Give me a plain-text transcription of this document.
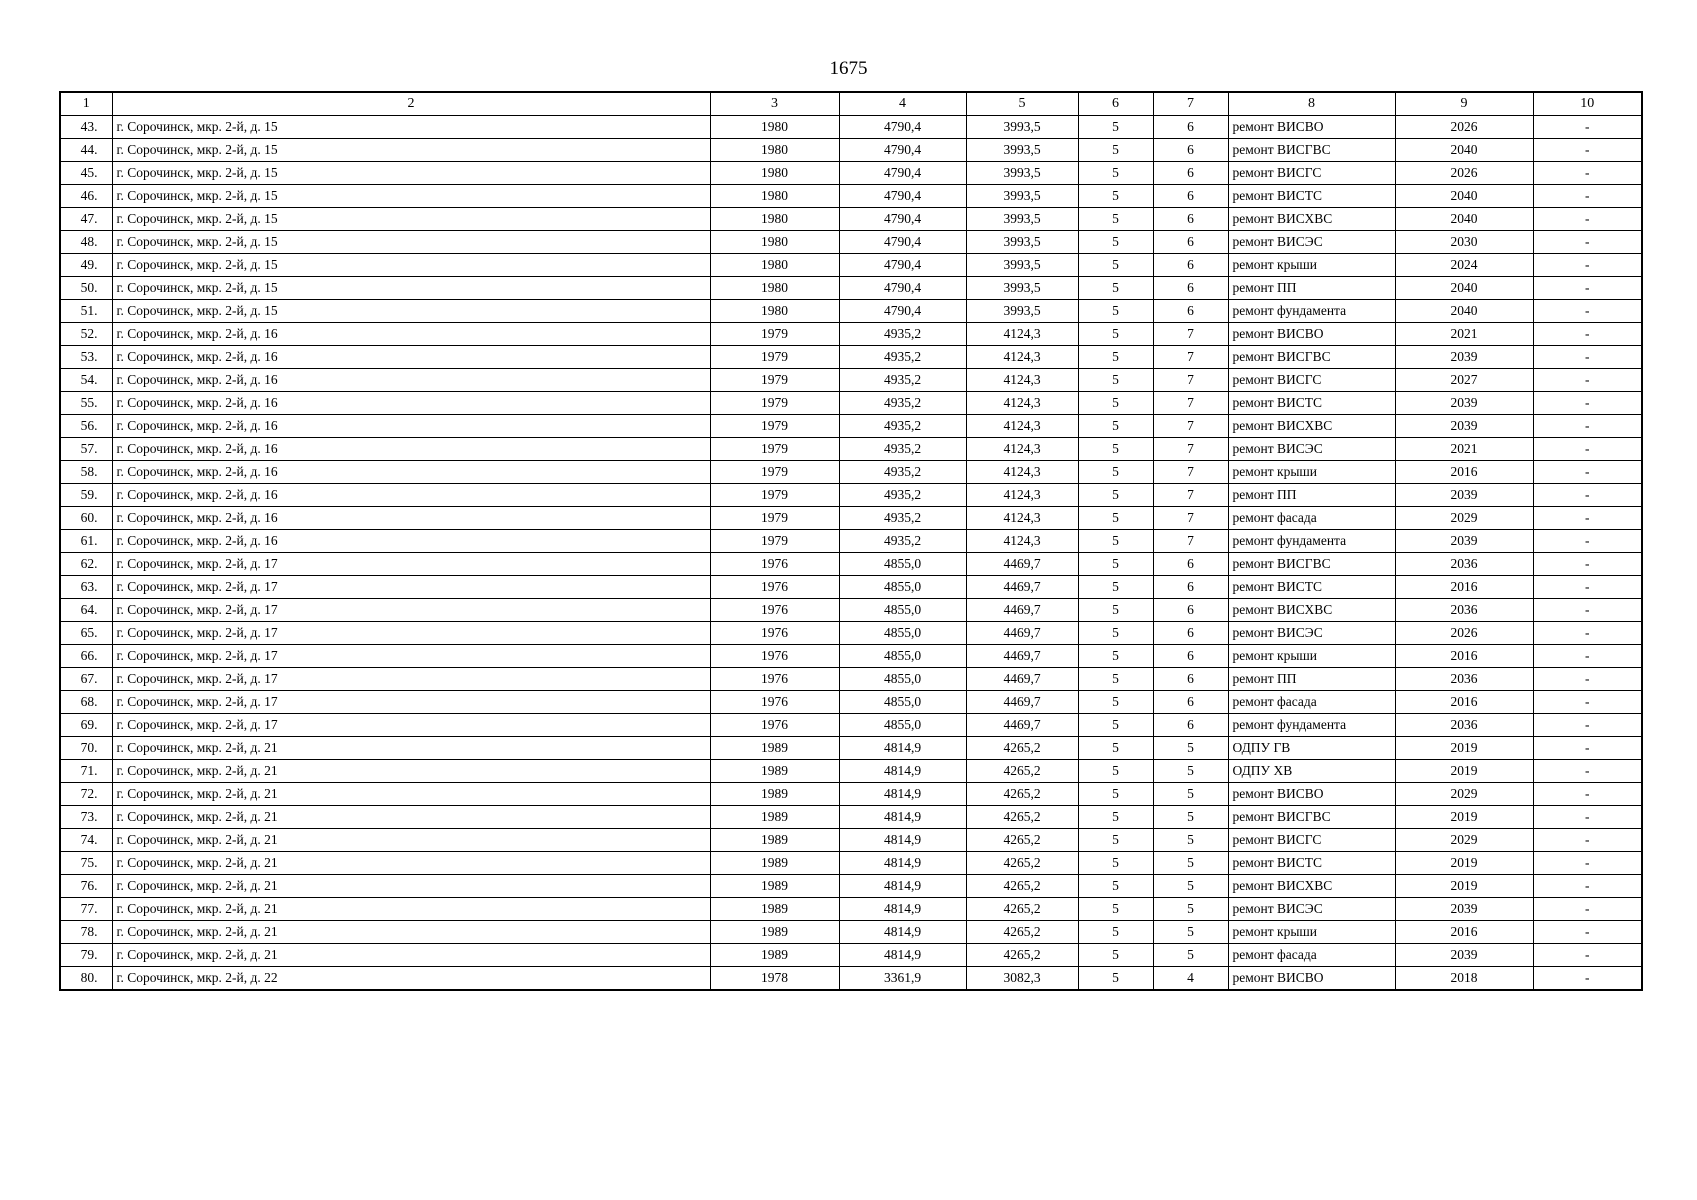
1675
1	2	3	4	5	6	7	8	9	10
43.	г. Сорочинск, мкр. 2-й, д. 15	1980	4790,4	3993,5	5	6	ремонт ВИСВО	2026	-
44.	г. Сорочинск, мкр. 2-й, д. 15	1980	4790,4	3993,5	5	6	ремонт ВИСГВС	2040	-
45.	г. Сорочинск, мкр. 2-й, д. 15	1980	4790,4	3993,5	5	6	ремонт ВИСГС	2026	-
46.	г. Сорочинск, мкр. 2-й, д. 15	1980	4790,4	3993,5	5	6	ремонт ВИСТС	2040	-
47.	г. Сорочинск, мкр. 2-й, д. 15	1980	4790,4	3993,5	5	6	ремонт ВИСХВС	2040	-
48.	г. Сорочинск, мкр. 2-й, д. 15	1980	4790,4	3993,5	5	6	ремонт ВИСЭС	2030	-
49.	г. Сорочинск, мкр. 2-й, д. 15	1980	4790,4	3993,5	5	6	ремонт крыши	2024	-
50.	г. Сорочинск, мкр. 2-й, д. 15	1980	4790,4	3993,5	5	6	ремонт ПП	2040	-
51.	г. Сорочинск, мкр. 2-й, д. 15	1980	4790,4	3993,5	5	6	ремонт фундамента	2040	-
52.	г. Сорочинск, мкр. 2-й, д. 16	1979	4935,2	4124,3	5	7	ремонт ВИСВО	2021	-
53.	г. Сорочинск, мкр. 2-й, д. 16	1979	4935,2	4124,3	5	7	ремонт ВИСГВС	2039	-
54.	г. Сорочинск, мкр. 2-й, д. 16	1979	4935,2	4124,3	5	7	ремонт ВИСГС	2027	-
55.	г. Сорочинск, мкр. 2-й, д. 16	1979	4935,2	4124,3	5	7	ремонт ВИСТС	2039	-
56.	г. Сорочинск, мкр. 2-й, д. 16	1979	4935,2	4124,3	5	7	ремонт ВИСХВС	2039	-
57.	г. Сорочинск, мкр. 2-й, д. 16	1979	4935,2	4124,3	5	7	ремонт ВИСЭС	2021	-
58.	г. Сорочинск, мкр. 2-й, д. 16	1979	4935,2	4124,3	5	7	ремонт крыши	2016	-
59.	г. Сорочинск, мкр. 2-й, д. 16	1979	4935,2	4124,3	5	7	ремонт ПП	2039	-
60.	г. Сорочинск, мкр. 2-й, д. 16	1979	4935,2	4124,3	5	7	ремонт фасада	2029	-
61.	г. Сорочинск, мкр. 2-й, д. 16	1979	4935,2	4124,3	5	7	ремонт фундамента	2039	-
62.	г. Сорочинск, мкр. 2-й, д. 17	1976	4855,0	4469,7	5	6	ремонт ВИСГВС	2036	-
63.	г. Сорочинск, мкр. 2-й, д. 17	1976	4855,0	4469,7	5	6	ремонт ВИСТС	2016	-
64.	г. Сорочинск, мкр. 2-й, д. 17	1976	4855,0	4469,7	5	6	ремонт ВИСХВС	2036	-
65.	г. Сорочинск, мкр. 2-й, д. 17	1976	4855,0	4469,7	5	6	ремонт ВИСЭС	2026	-
66.	г. Сорочинск, мкр. 2-й, д. 17	1976	4855,0	4469,7	5	6	ремонт крыши	2016	-
67.	г. Сорочинск, мкр. 2-й, д. 17	1976	4855,0	4469,7	5	6	ремонт ПП	2036	-
68.	г. Сорочинск, мкр. 2-й, д. 17	1976	4855,0	4469,7	5	6	ремонт фасада	2016	-
69.	г. Сорочинск, мкр. 2-й, д. 17	1976	4855,0	4469,7	5	6	ремонт фундамента	2036	-
70.	г. Сорочинск, мкр. 2-й, д. 21	1989	4814,9	4265,2	5	5	ОДПУ ГВ	2019	-
71.	г. Сорочинск, мкр. 2-й, д. 21	1989	4814,9	4265,2	5	5	ОДПУ ХВ	2019	-
72.	г. Сорочинск, мкр. 2-й, д. 21	1989	4814,9	4265,2	5	5	ремонт ВИСВО	2029	-
73.	г. Сорочинск, мкр. 2-й, д. 21	1989	4814,9	4265,2	5	5	ремонт ВИСГВС	2019	-
74.	г. Сорочинск, мкр. 2-й, д. 21	1989	4814,9	4265,2	5	5	ремонт ВИСГС	2029	-
75.	г. Сорочинск, мкр. 2-й, д. 21	1989	4814,9	4265,2	5	5	ремонт ВИСТС	2019	-
76.	г. Сорочинск, мкр. 2-й, д. 21	1989	4814,9	4265,2	5	5	ремонт ВИСХВС	2019	-
77.	г. Сорочинск, мкр. 2-й, д. 21	1989	4814,9	4265,2	5	5	ремонт ВИСЭС	2039	-
78.	г. Сорочинск, мкр. 2-й, д. 21	1989	4814,9	4265,2	5	5	ремонт крыши	2016	-
79.	г. Сорочинск, мкр. 2-й, д. 21	1989	4814,9	4265,2	5	5	ремонт фасада	2039	-
80.	г. Сорочинск, мкр. 2-й, д. 22	1978	3361,9	3082,3	5	4	ремонт ВИСВО	2018	-
